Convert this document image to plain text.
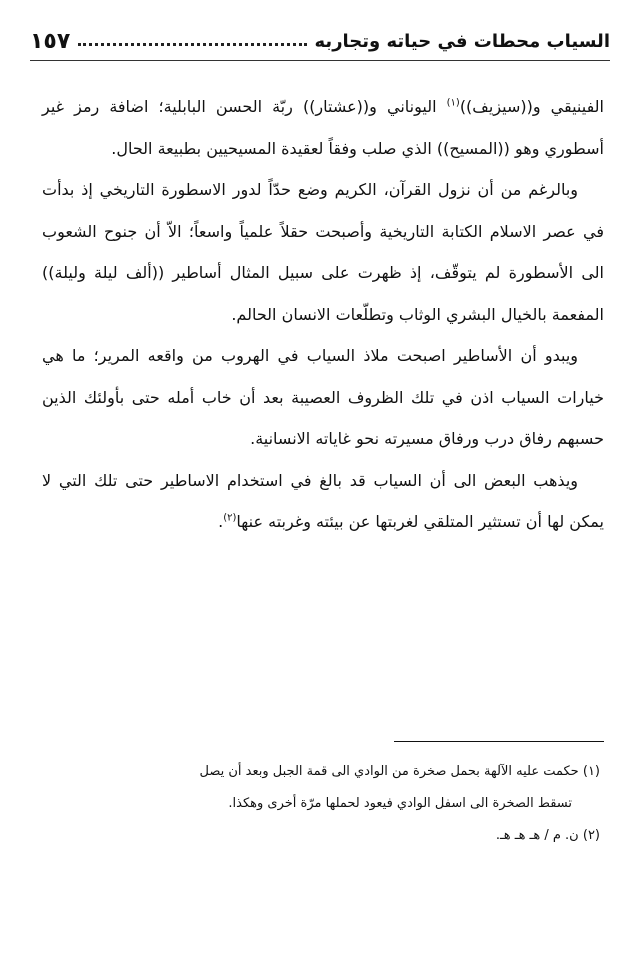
السياب محطات في حياته وتجاربه
١٥٧

الفينيقي و((سيزيف))$^{(١)}$ اليوناني و((عشتار)) ربّة الحسن البابلية؛ اضافة رمز غير أسطوري وهو ((المسيح)) الذي صلب وفقاً لعقيدة المسيحيين بطبيعة الحال.

وبالرغم من أن نزول القرآن، الكريم وضع حدّاً لدور الاسطورة التاريخي إذ بدأت في عصر الاسلام الكتابة التاريخية وأصبحت حقلاً علمياً واسعاً؛ الاّ أن جنوح الشعوب الى الأسطورة لم يتوقّف، إذ ظهرت على سبيل المثال أساطير ((ألف ليلة وليلة)) المفعمة بالخيال البشري الوثاب وتطلّعات الانسان الحالم.

ويبدو أن الأساطير اصبحت ملاذ السياب في الهروب من واقعه المرير؛ ما هي خيارات السياب اذن في تلك الظروف العصيبة بعد أن خاب أمله حتى بأولئك الذين حسبهم رفاق درب ورفاق مسيرته نحو غاياته الانسانية.

ويذهب البعض الى أن السياب قد بالغ في استخدام الاساطير حتى تلك التي لا يمكن لها أن تستثير المتلقي لغربتها عن بيئته وغربته عنها$^{(٢)}$.

(١) حكمت عليه الآلهة بحمل صخرة من الوادي الى قمة الجبل وبعد أن يصل
تسقط الصخرة الى اسفل الوادي فيعود لحملها مرّة أخرى وهكذا.

(٢) ن. م / هـ هـ هـ.
